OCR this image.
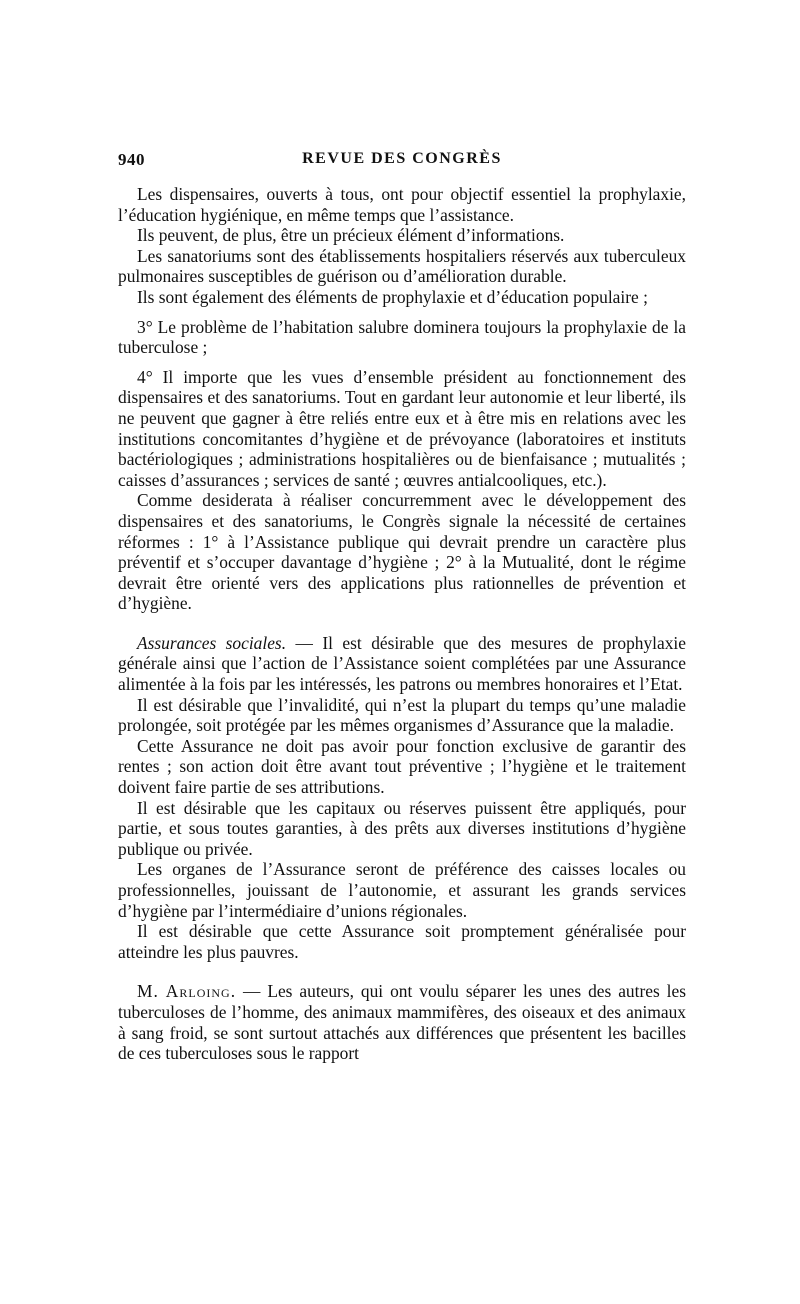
940	REVUE DES CONGRÈS

Les dispensaires, ouverts à tous, ont pour objectif essentiel la prophylaxie, l’éducation hygiénique, en même temps que l’assistance.

Ils peuvent, de plus, être un précieux élément d’informations.

Les sanatoriums sont des établissements hospitaliers réservés aux tuberculeux pulmonaires susceptibles de guérison ou d’amélioration durable.

Ils sont également des éléments de prophylaxie et d’éducation populaire ;

3° Le problème de l’habitation salubre dominera toujours la prophylaxie de la tuberculose ;

4° Il importe que les vues d’ensemble président au fonctionnement des dispensaires et des sanatoriums. Tout en gardant leur autonomie et leur liberté, ils ne peuvent que gagner à être reliés entre eux et à être mis en relations avec les institutions concomitantes d’hygiène et de prévoyance (laboratoires et instituts bactériologiques ; administrations hospitalières ou de bienfaisance ; mutualités ; caisses d’assurances ; services de santé ; œuvres antialcooliques, etc.).

Comme desiderata à réaliser concurremment avec le développement des dispensaires et des sanatoriums, le Congrès signale la nécessité de certaines réformes : 1° à l’Assistance publique qui devrait prendre un caractère plus préventif et s’occuper davantage d’hygiène ; 2° à la Mutualité, dont le régime devrait être orienté vers des applications plus rationnelles de prévention et d’hygiène.

Assurances sociales. — Il est désirable que des mesures de prophylaxie générale ainsi que l’action de l’Assistance soient complétées par une Assurance alimentée à la fois par les intéressés, les patrons ou membres honoraires et l’Etat.

Il est désirable que l’invalidité, qui n’est la plupart du temps qu’une maladie prolongée, soit protégée par les mêmes organismes d’Assurance que la maladie.

Cette Assurance ne doit pas avoir pour fonction exclusive de garantir des rentes ; son action doit être avant tout préventive ; l’hygiène et le traitement doivent faire partie de ses attributions.

Il est désirable que les capitaux ou réserves puissent être appliqués, pour partie, et sous toutes garanties, à des prêts aux diverses institutions d’hygiène publique ou privée.

Les organes de l’Assurance seront de préférence des caisses locales ou professionnelles, jouissant de l’autonomie, et assurant les grands services d’hygiène par l’intermédiaire d’unions régionales.

Il est désirable que cette Assurance soit promptement généralisée pour atteindre les plus pauvres.

M. Arloing. — Les auteurs, qui ont voulu séparer les unes des autres les tuberculoses de l’homme, des animaux mammifères, des oiseaux et des animaux à sang froid, se sont surtout attachés aux différences que présentent les bacilles de ces tuberculoses sous le rapport
